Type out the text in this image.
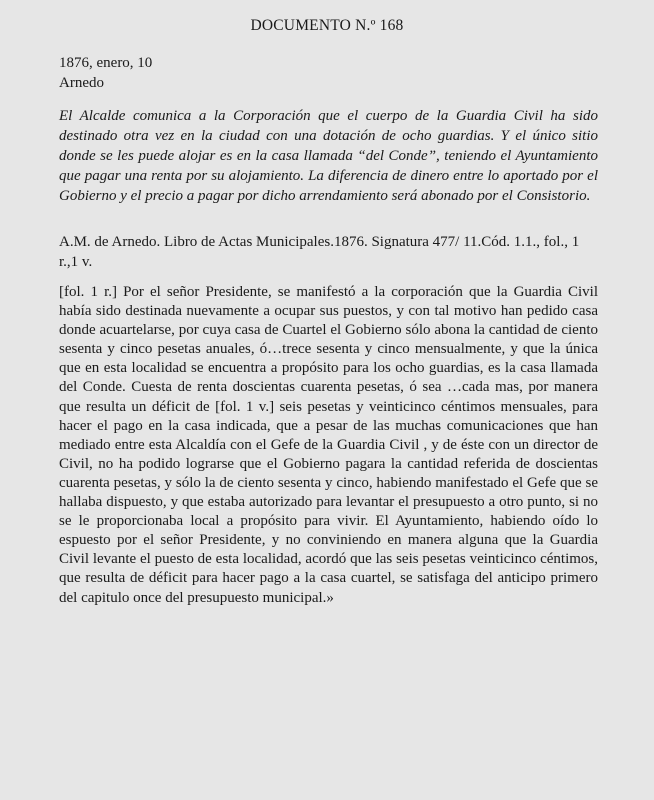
DOCUMENTO N.º 168
1876, enero, 10
Arnedo

El Alcalde comunica a la Corporación que el cuerpo de la Guardia Civil ha sido destinado otra vez en la ciudad con una dotación de ocho guardias. Y el único sitio donde se les puede alojar es en la casa llamada “del Conde”, teniendo el Ayuntamiento que pagar una renta por su alojamiento. La diferencia de dinero entre lo aportado por el Gobierno y el precio a pagar por dicho arrendamiento será abonado por el Consistorio.

A.M. de Arnedo. Libro de Actas Municipales.1876. Signatura 477/ 11.Cód. 1.1., fol., 1 r.,1 v.

[fol. 1 r.] Por el señor Presidente, se manifestó a la corporación que la Guardia Civil había sido destinada nuevamente a ocupar sus puestos, y con tal motivo han pedido casa donde acuartelarse, por cuya casa de Cuartel el Gobierno sólo abona la cantidad de ciento sesenta y cinco pesetas anuales, ó…trece sesenta y cinco mensualmente, y que la única que en esta localidad se encuentra a propósito para los ocho guardias, es la casa llamada del Conde. Cuesta de renta doscientas cuarenta pesetas, ó sea …cada mas, por manera que resulta un déficit de [fol. 1 v.] seis pesetas y veinticinco céntimos mensuales, para hacer el pago en la casa indicada, que a pesar de las muchas comunicaciones que han mediado entre esta Alcaldía con el Gefe de la Guardia Civil , y de éste con un director de Civil, no ha podido lograrse que el Gobierno pagara la cantidad referida de doscientas cuarenta pesetas, y sólo la de ciento sesenta y cinco, habiendo manifestado el Gefe que se hallaba dispuesto, y que estaba autorizado para levantar el presupuesto a otro punto, si no se le proporcionaba local a propósito para vivir. El Ayuntamiento, habiendo oído lo espuesto por el señor Presidente, y no conviniendo en manera alguna que la Guardia Civil levante el puesto de esta localidad, acordó que las seis pesetas veinticinco céntimos, que resulta de déficit para hacer pago a la casa cuartel, se satisfaga del anticipo primero del capitulo once del presupuesto municipal.»
